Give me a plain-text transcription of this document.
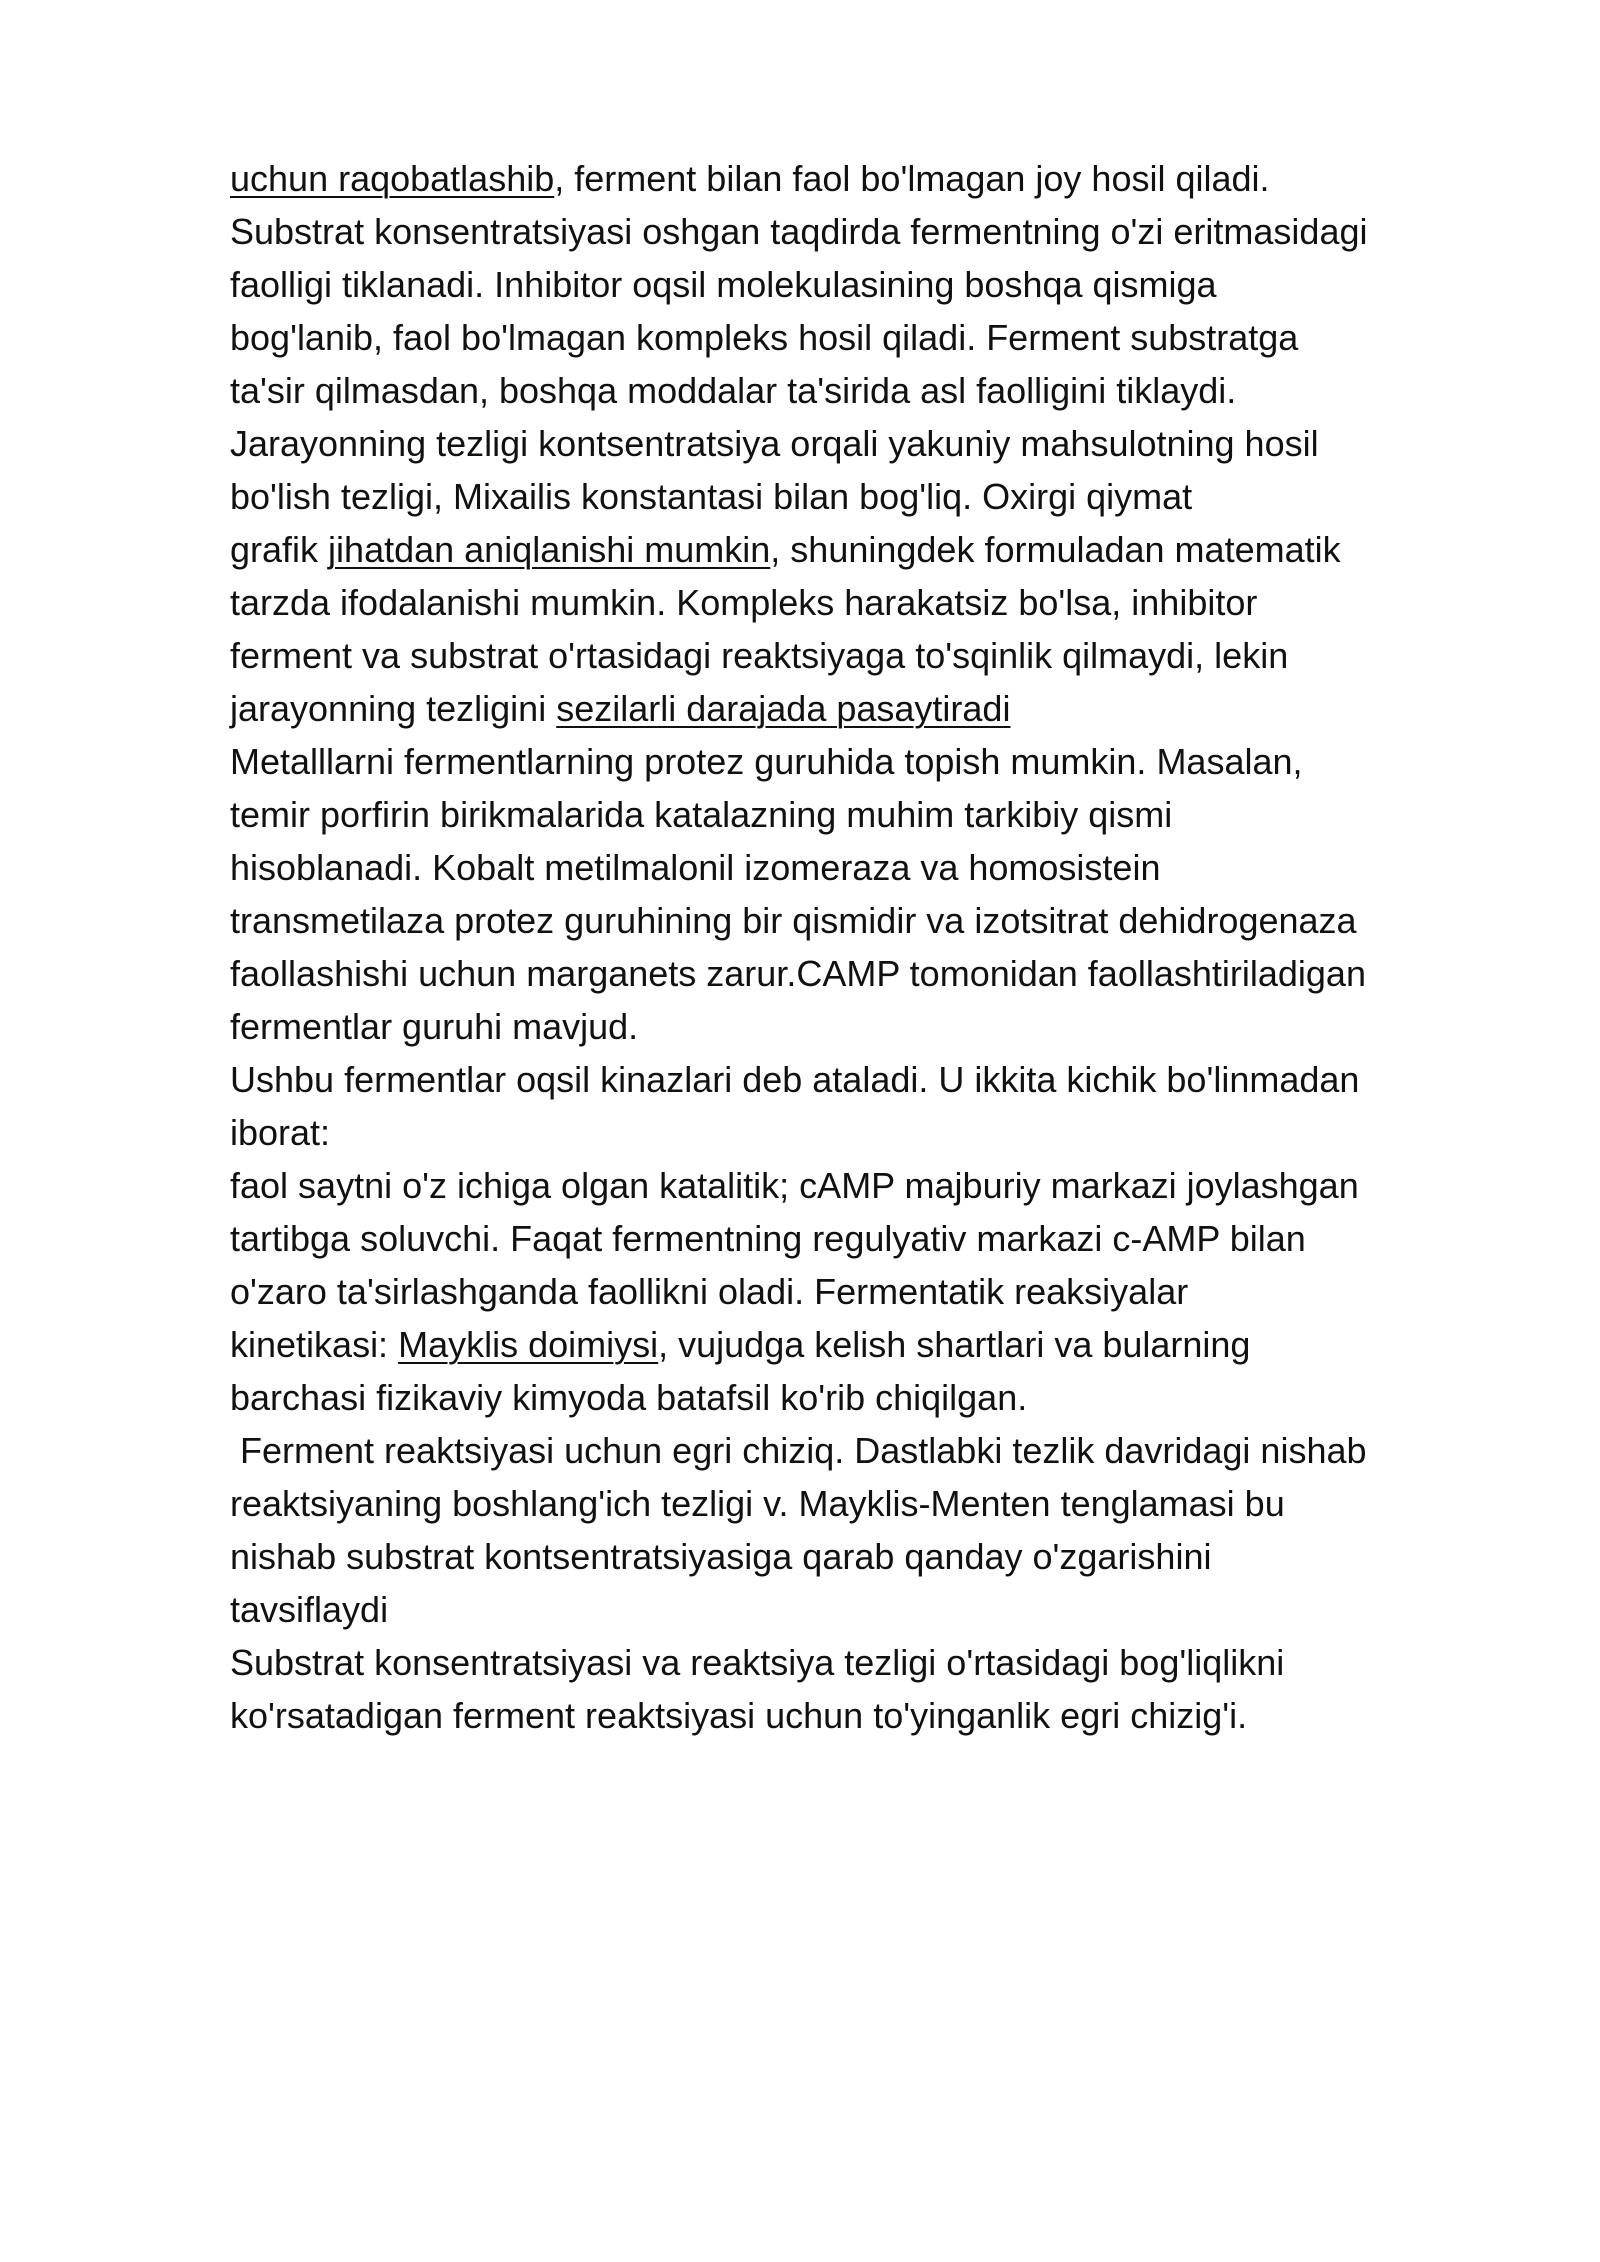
uchun raqobatlashib, ferment bilan faol bo'lmagan joy hosil qiladi.
Substrat konsentratsiyasi oshgan taqdirda fermentning o'zi eritmasidagi
faolligi tiklanadi. Inhibitor oqsil molekulasining boshqa qismiga
bog'lanib, faol bo'lmagan kompleks hosil qiladi. Ferment substratga
ta'sir qilmasdan, boshqa moddalar ta'sirida asl faolligini tiklaydi.
Jarayonning tezligi kontsentratsiya orqali yakuniy mahsulotning hosil
bo'lish tezligi, Mixailis konstantasi bilan bog'liq. Oxirgi qiymat
grafik jihatdan aniqlanishi mumkin, shuningdek formuladan matematik
tarzda ifodalanishi mumkin. Kompleks harakatsiz bo'lsa, inhibitor
ferment va substrat o'rtasidagi reaktsiyaga to'sqinlik qilmaydi, lekin
jarayonning tezligini sezilarli darajada pasaytiradi
Metalllarni fermentlarning protez guruhida topish mumkin. Masalan,
temir porfirin birikmalarida katalazning muhim tarkibiy qismi
hisoblanadi. Kobalt metilmalonil izomeraza va homosistein
transmetilaza protez guruhining bir qismidir va izotsitrat dehidrogenaza
faollashishi uchun marganets zarur.CAMP tomonidan faollashtiriladigan
fermentlar guruhi mavjud.
Ushbu fermentlar oqsil kinazlari deb ataladi. U ikkita kichik bo'linmadan
iborat:
faol saytni o'z ichiga olgan katalitik; cAMP majburiy markazi joylashgan
tartibga soluvchi. Faqat fermentning regulyativ markazi c-AMP bilan
o'zaro ta'sirlashganda faollikni oladi. Fermentatik reaksiyalar
kinetikasi: Mayklis doimiysi, vujudga kelish shartlari va bularning
barchasi fizikaviy kimyoda batafsil ko'rib chiqilgan.
Ferment reaktsiyasi uchun egri chiziq. Dastlabki tezlik davridagi nishab
reaktsiyaning boshlang'ich tezligi v. Mayklis-Menten tenglamasi bu
nishab substrat kontsentratsiyasiga qarab qanday o'zgarishini
tavsiflaydi
Substrat konsentratsiyasi va reaktsiya tezligi o'rtasidagi bog'liqlikni
ko'rsatadigan ferment reaktsiyasi uchun to'yinganlik egri chizig'i.
